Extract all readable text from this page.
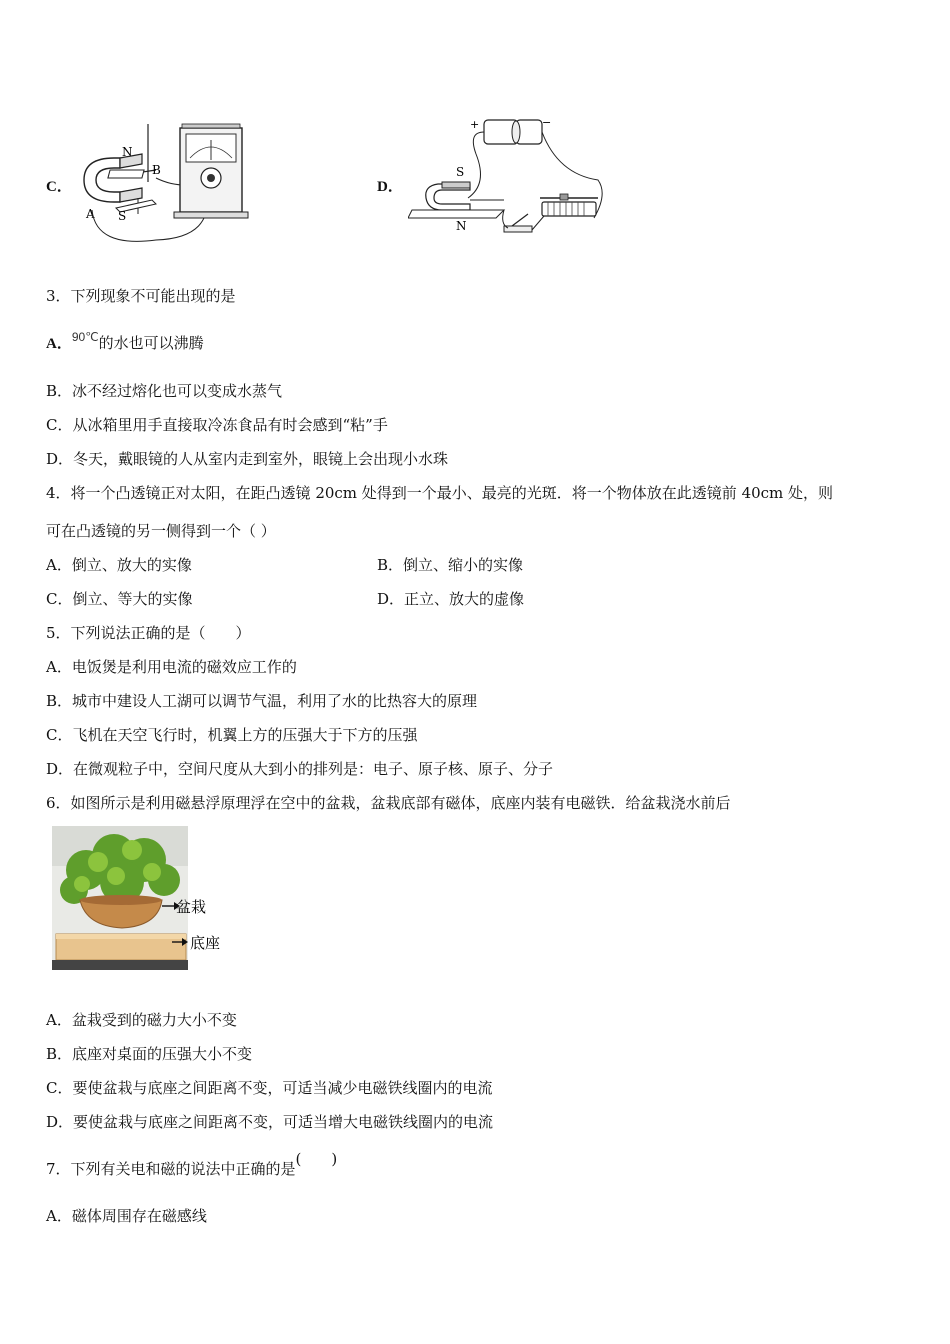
C．
N
B
A S
D．
+	−
S
N
3．下列现象不可能出现的是
A．$^{90℃}$的水也可以沸腾
B．冰不经过熔化也可以变成水蒸气
C．从冰箱里用手直接取冷冻食品有时会感到“粘”手
D．冬天，戴眼镜的人从室内走到室外，眼镜上会出现小水珠
4．将一个凸透镜正对太阳，在距凸透镜 20cm 处得到一个最小、最亮的光斑．将一个物体放在此透镜前 40cm 处，则
可在凸透镜的另一侧得到一个（ ）
A．倒立、放大的实像	B．倒立、缩小的实像
C．倒立、等大的实像	D．正立、放大的虚像
5．下列说法正确的是（　　）
A．电饭煲是利用电流的磁效应工作的
B．城市中建设人工湖可以调节气温，利用了水的比热容大的原理
C．飞机在天空飞行时，机翼上方的压强大于下方的压强
D．在微观粒子中，空间尺度从大到小的排列是：电子、原子核、原子、分子
6．如图所示是利用磁悬浮原理浮在空中的盆栽，盆栽底部有磁体，底座内装有电磁铁．给盆栽浇水前后
盆栽
底座
A．盆栽受到的磁力大小不变
B．底座对桌面的压强大小不变
C．要使盆栽与底座之间距离不变，可适当减少电磁铁线圈内的电流
D．要使盆栽与底座之间距离不变，可适当增大电磁铁线圈内的电流
7．下列有关电和磁的说法中正确的是(　　)
A．磁体周围存在磁感线
